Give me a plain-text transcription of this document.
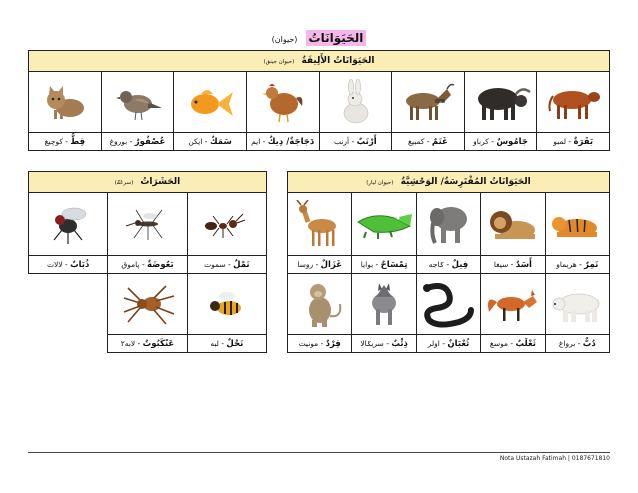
الحَيَوَانَاتُ (حيوان)
الحَيَوَانَاتُ الأَلِيفَةُ (حيوان جينق)							

بَقَرَةٌ - لمبو	جَامُوسٌ - كرباو	غَنَمٌ - كمبيغ	أَرْنَبٌ - أرنب	دَجَاجَةٌ/ دِيكٌ - ايم	سَمَكٌ - ايكن	عُصْفُورٌ - بوروغ	قِطٌّ - کوچيغ
الحَيَوَانَاتُ المُفْتَرِسَةُ/ الوَحْشِيَّةُ (حيوان ليار)				

نَمِرٌ - هريماو	أَسَدٌ - سيغا	فِيلٌ - ݢاجه	تِمْسَاحٌ - بوايا	غَزَالٌ - روسا

دُبٌّ - برواغ	ثَعْلَبٌ - موسغ	ثُعْبَانٌ - اولر	ذِئْبٌ - سريݢالا	قِرْدٌ - مونيت
الحَشَرَاتُ (سرڠݢ)		

نَمْلٌ - سموت	بَعُوضَةٌ - ڽاموق	ذُبَابٌ - لالات

نَحْلٌ - لبه	عَنْكَبُوتٌ - لابه٢	
Nota Ustazah Fatimah | 0187671810
